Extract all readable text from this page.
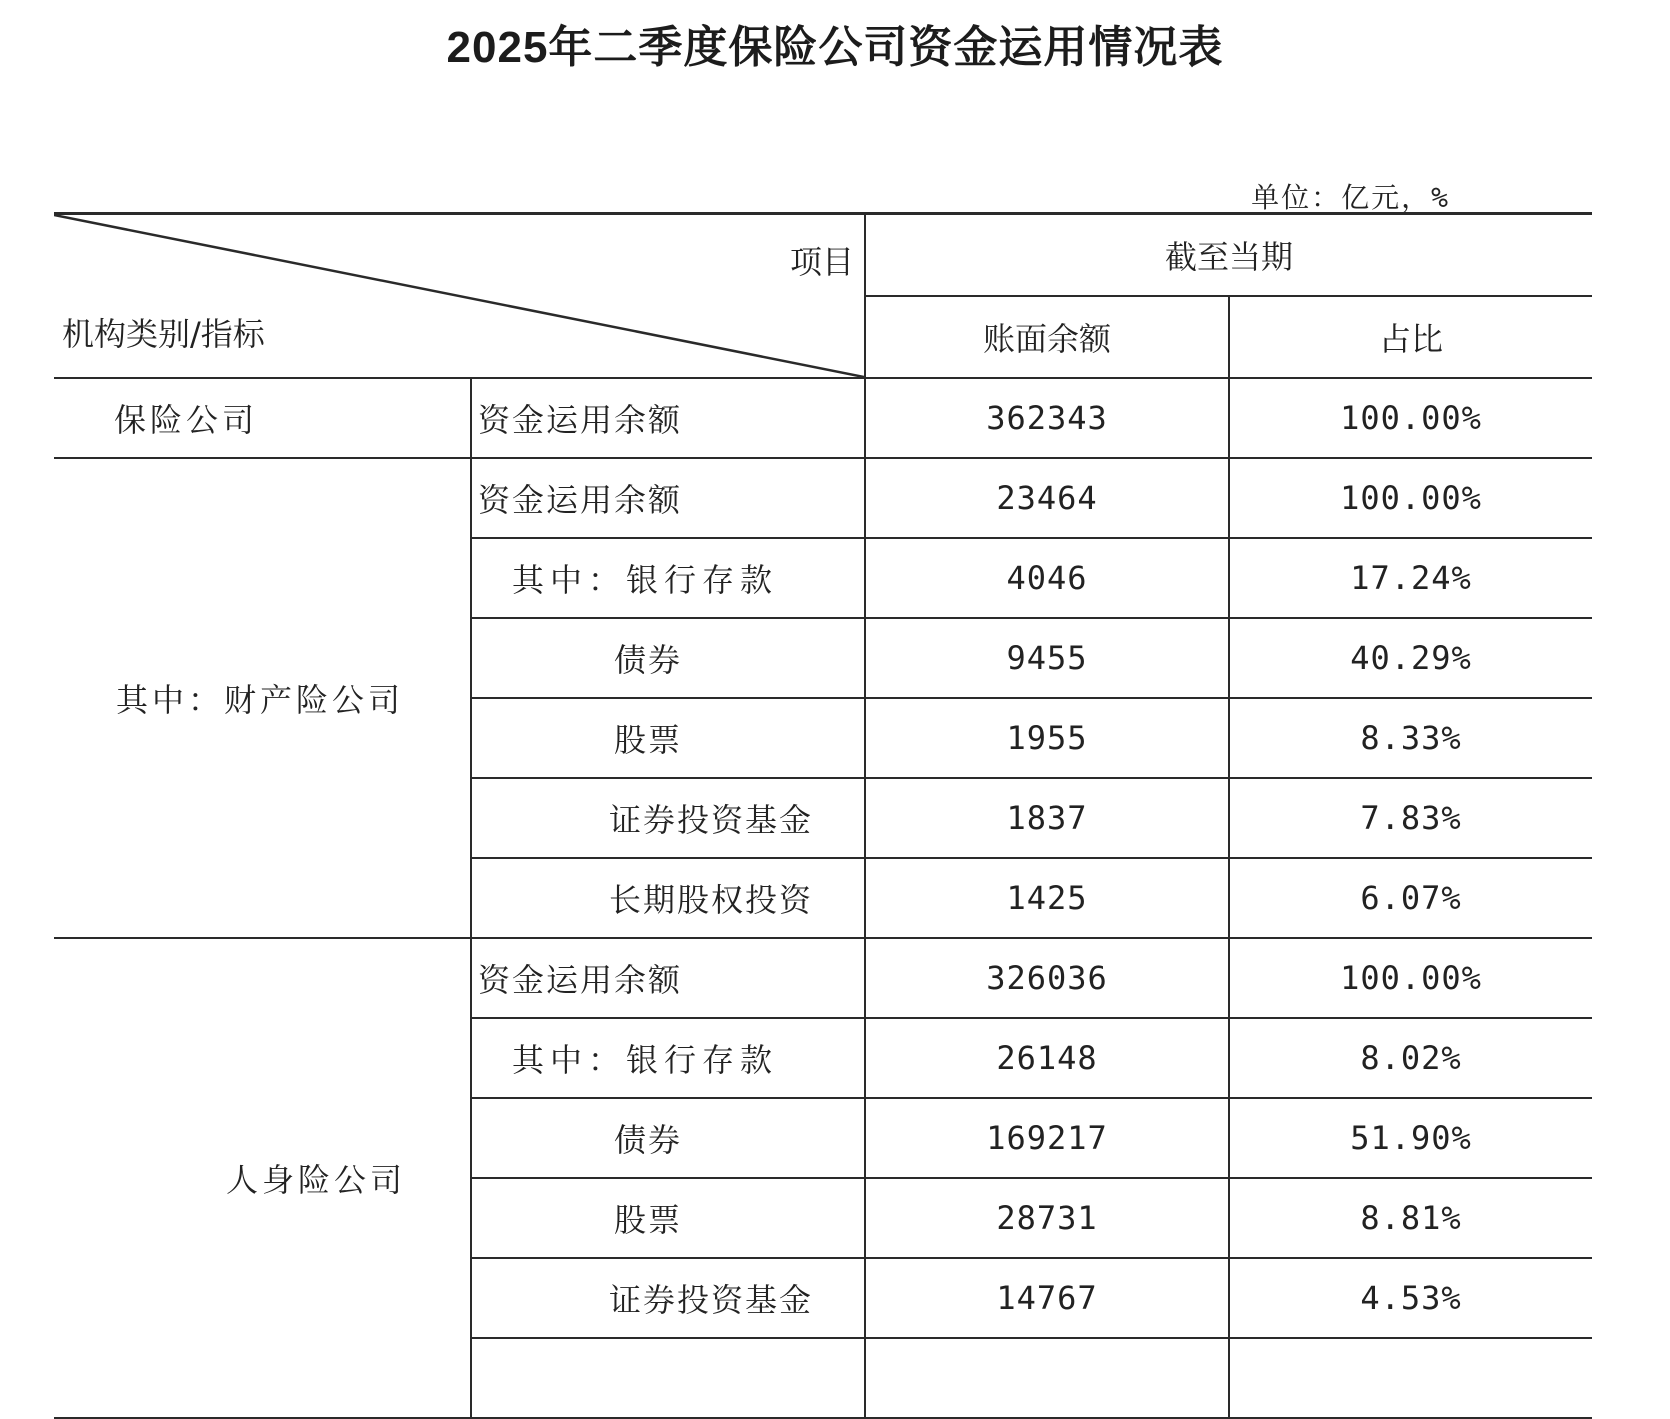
2025年二季度保险公司资金运用情况表
单位：亿元，%
项目
机构类别/指标		截至当期	
		账面余额	占比
保险公司	资金运用余额	362343	100.00%
其中：财产险公司	资金运用余额	23464	100.00%
	其中：银行存款	4046	17.24%
	债券	9455	40.29%
	股票	1955	8.33%
	证券投资基金	1837	7.83%
	长期股权投资	1425	6.07%
人身险公司	资金运用余额	326036	100.00%
	其中：银行存款	26148	8.02%
	债券	169217	51.90%
	股票	28731	8.81%
	证券投资基金	14767	4.53%
